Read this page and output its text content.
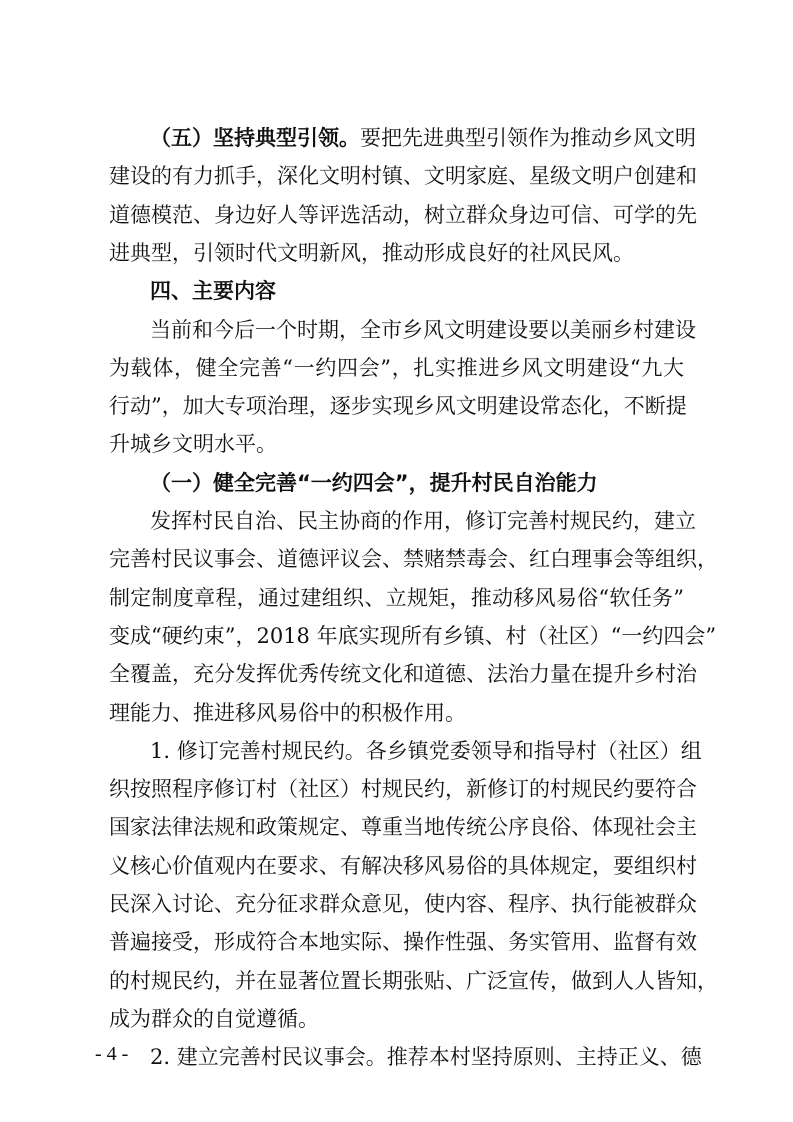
（五）坚持典型引领。要把先进典型引领作为推动乡风文明
建设的有力抓手，深化文明村镇、文明家庭、星级文明户创建和
道德模范、身边好人等评选活动，树立群众身边可信、可学的先
进典型，引领时代文明新风，推动形成良好的社风民风。
四、主要内容
当前和今后一个时期，全市乡风文明建设要以美丽乡村建设
为载体，健全完善“一约四会”，扎实推进乡风文明建设“九大
行动”，加大专项治理，逐步实现乡风文明建设常态化，不断提
升城乡文明水平。
（一）健全完善“一约四会”，提升村民自治能力
发挥村民自治、民主协商的作用，修订完善村规民约，建立
完善村民议事会、道德评议会、禁赌禁毒会、红白理事会等组织，
制定制度章程，通过建组织、立规矩，推动移风易俗“软任务”
变成“硬约束”，2018 年底实现所有乡镇、村（社区）“一约四会”
全覆盖，充分发挥优秀传统文化和道德、法治力量在提升乡村治
理能力、推进移风易俗中的积极作用。
1. 修订完善村规民约。各乡镇党委领导和指导村（社区）组
织按照程序修订村（社区）村规民约，新修订的村规民约要符合
国家法律法规和政策规定、尊重当地传统公序良俗、体现社会主
义核心价值观内在要求、有解决移风易俗的具体规定，要组织村
民深入讨论、充分征求群众意见，使内容、程序、执行能被群众
普遍接受，形成符合本地实际、操作性强、务实管用、监督有效
的村规民约，并在显著位置长期张贴、广泛宣传，做到人人皆知，
- 4 -
成为群众的自觉遵循。
2. 建立完善村民议事会。推荐本村坚持原则、主持正义、德
